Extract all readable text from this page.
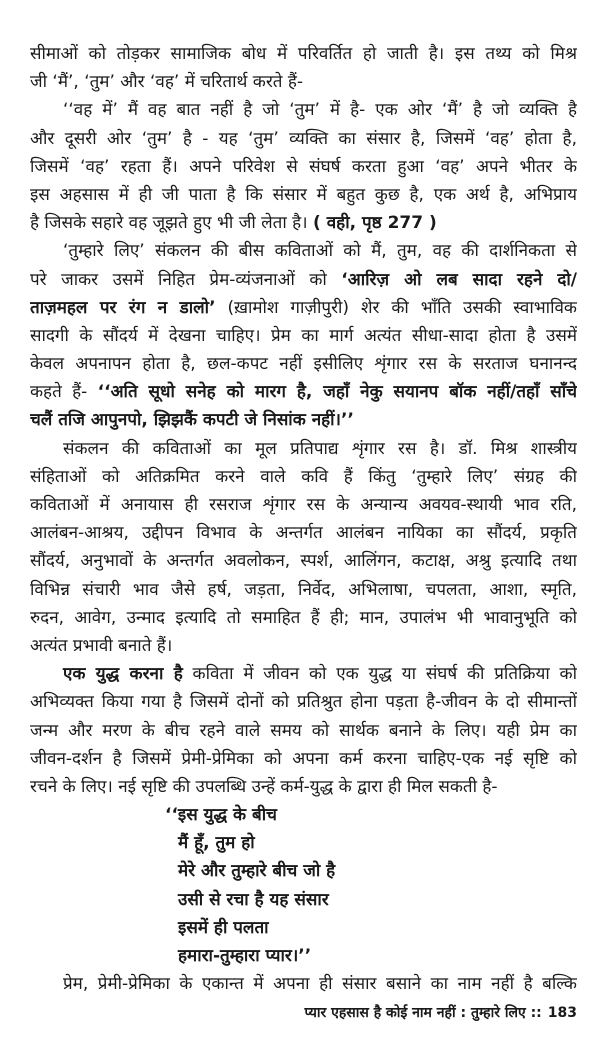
सीमाओं को तोड़कर सामाजिक बोध में परिवर्तित हो जाती है। इस तथ्य को मिश्र
जी ‘मैं’, ‘तुम’ और ‘वह’ में चरितार्थ करते हैं-
‘‘वह में’ मैं वह बात नहीं है जो ‘तुम’ में है- एक ओर ‘मैं’ है जो व्यक्ति है
और दूसरी ओर ‘तुम’ है - यह ‘तुम’ व्यक्ति का संसार है, जिसमें ‘वह’ होता है,
जिसमें ‘वह’ रहता हैं। अपने परिवेश से संघर्ष करता हुआ ‘वह’ अपने भीतर के
इस अहसास में ही जी पाता है कि संसार में बहुत कुछ है, एक अर्थ है, अभिप्राय
है जिसके सहारे वह जूझते हुए भी जी लेता है। ( वही, पृष्ठ 277 )
‘तुम्हारे लिए’ संकलन की बीस कविताओं को मैं, तुम, वह की दार्शनिकता से
परे जाकर उसमें निहित प्रेम-व्यंजनाओं को ‘आरिज़ ओ लब सादा रहने दो/
ताज़महल पर रंग न डालो’ (ख़ामोश गाज़ीपुरी) शेर की भाँति उसकी स्वाभाविक
सादगी के सौंदर्य में देखना चाहिए। प्रेम का मार्ग अत्यंत सीधा-सादा होता है उसमें
केवल अपनापन होता है, छल-कपट नहीं इसीलिए शृंगार रस के सरताज घनानन्द
कहते हैं- ‘‘अति सूधो सनेह को मारग है, जहाँ नेकु सयानप बॉक नहीं/तहाँ साँचे
चलैं तजि आपुनपो, झिझकैं कपटी जे निसांक नहीं।’’
संकलन की कविताओं का मूल प्रतिपाद्य शृंगार रस है। डॉ. मिश्र शास्त्रीय
संहिताओं को अतिक्रमित करने वाले कवि हैं किंतु ‘तुम्हारे लिए’ संग्रह की
कविताओं में अनायास ही रसराज शृंगार रस के अन्यान्य अवयव-स्थायी भाव रति,
आलंबन-आश्रय, उद्दीपन विभाव के अन्तर्गत आलंबन नायिका का सौंदर्य, प्रकृति
सौंदर्य, अनुभावों के अन्तर्गत अवलोकन, स्पर्श, आलिंगन, कटाक्ष, अश्रु इत्यादि तथा
विभिन्न संचारी भाव जैसे हर्ष, जड़ता, निर्वेद, अभिलाषा, चपलता, आशा, स्मृति,
रुदन, आवेग, उन्माद इत्यादि तो समाहित हैं ही; मान, उपालंभ भी भावानुभूति को
अत्यंत प्रभावी बनाते हैं।
एक युद्ध करना है कविता में जीवन को एक युद्ध या संघर्ष की प्रतिक्रिया को
अभिव्यक्त किया गया है जिसमें दोनों को प्रतिश्रुत होना पड़ता है-जीवन के दो सीमान्तों
जन्म और मरण के बीच रहने वाले समय को सार्थक बनाने के लिए। यही प्रेम का
जीवन-दर्शन है जिसमें प्रेमी-प्रेमिका को अपना कर्म करना चाहिए-एक नई सृष्टि को
रचने के लिए। नई सृष्टि की उपलब्धि उन्हें कर्म-युद्ध के द्वारा ही मिल सकती है-
‘‘इस युद्ध के बीच
मैं हूँ, तुम हो
मेरे और तुम्हारे बीच जो है
उसी से रचा है यह संसार
इसमें ही पलता
हमारा-तुम्हारा प्यार।’’
प्रेम, प्रेमी-प्रेमिका के एकान्त में अपना ही संसार बसाने का नाम नहीं है बल्कि
प्यार एहसास है कोई नाम नहीं : तुम्हारे लिए :: 183
